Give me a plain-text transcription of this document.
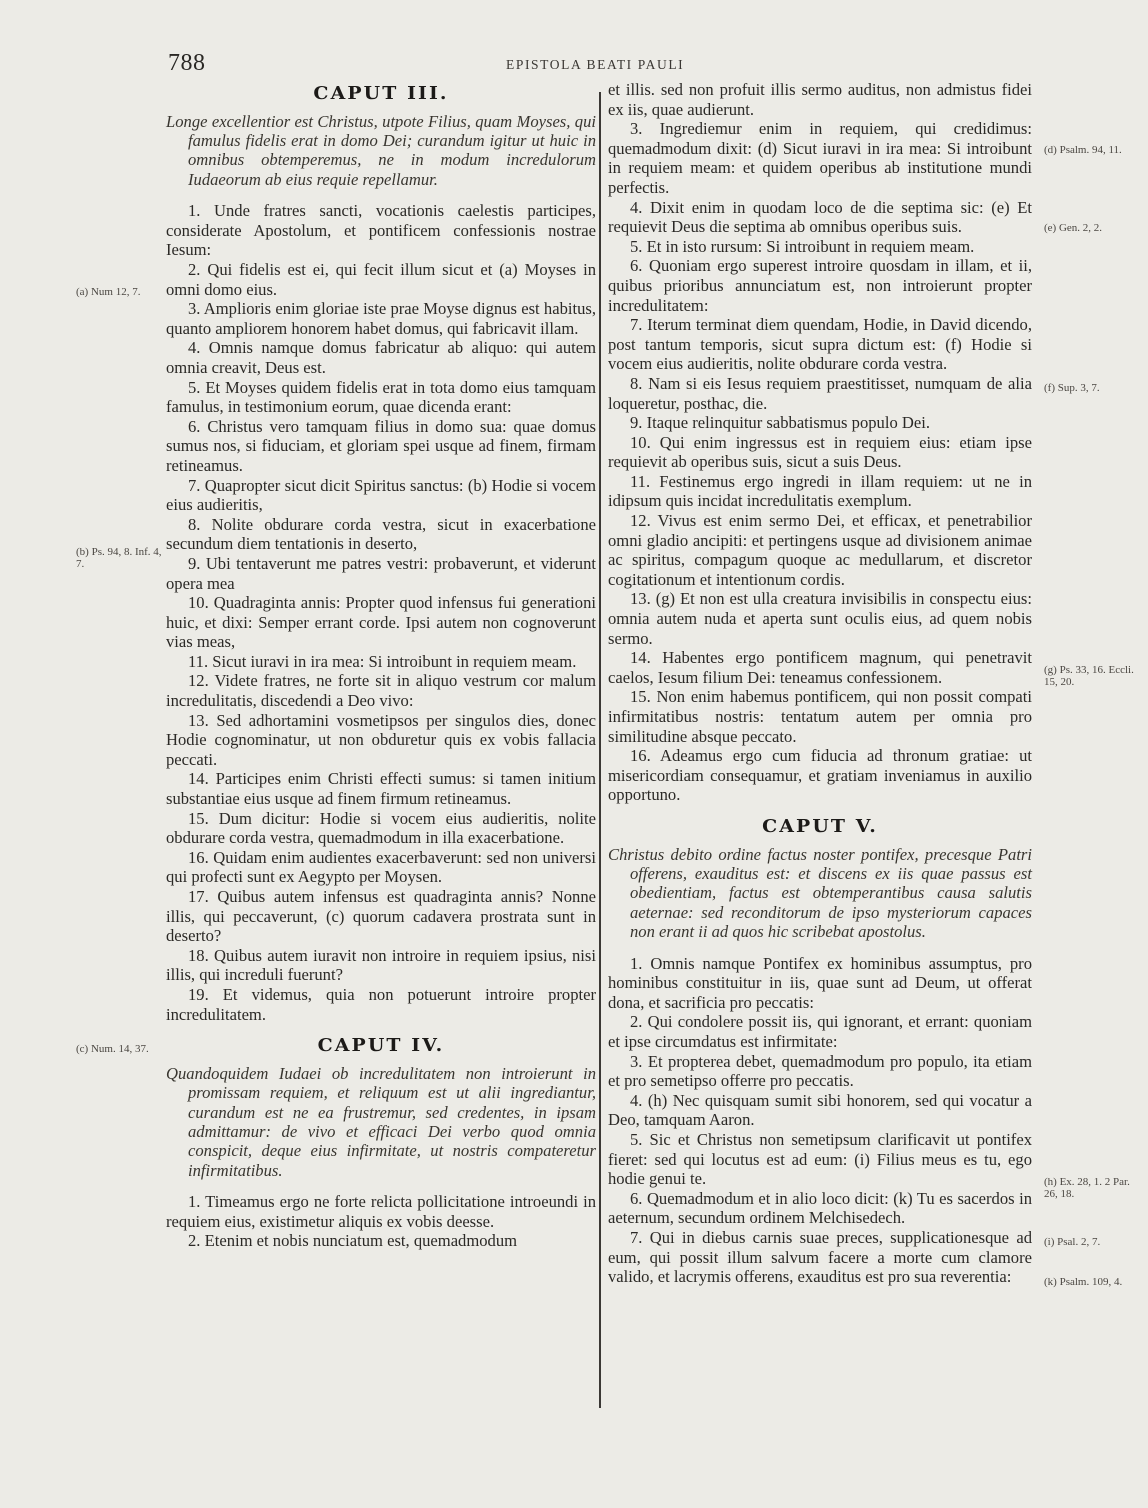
788	EPISTOLA BEATI PAULI
CAPUT III.

Longe excellentior est Christus, utpote Filius, quam Moyses, qui famulus fidelis erat in domo Dei; curandum igitur ut huic in omnibus obtemperemus, ne in modum incredulorum Iudaeorum ab eius requie repellamur.

1. Unde fratres sancti, vocationis caelestis participes, considerate Apostolum, et pontificem confessionis nostrae Iesum:

2. Qui fidelis est ei, qui fecit illum sicut et (a) Moyses in omni domo eius.

3. Amplioris enim gloriae iste prae Moyse dignus est habitus, quanto ampliorem honorem habet domus, qui fabricavit illam.

4. Omnis namque domus fabricatur ab aliquo: qui autem omnia creavit, Deus est.

5. Et Moyses quidem fidelis erat in tota domo eius tamquam famulus, in testimonium eorum, quae dicenda erant:

6. Christus vero tamquam filius in domo sua: quae domus sumus nos, si fiduciam, et gloriam spei usque ad finem, firmam retineamus.

7. Quapropter sicut dicit Spiritus sanctus: (b) Hodie si vocem eius audieritis,

8. Nolite obdurare corda vestra, sicut in exacerbatione secundum diem tentationis in deserto,

9. Ubi tentaverunt me patres vestri: probaverunt, et viderunt opera mea

10. Quadraginta annis: Propter quod infensus fui generationi huic, et dixi: Semper errant corde. Ipsi autem non cognoverunt vias meas,

11. Sicut iuravi in ira mea: Si introibunt in requiem meam.

12. Videte fratres, ne forte sit in aliquo vestrum cor malum incredulitatis, discedendi a Deo vivo:

13. Sed adhortamini vosmetipsos per singulos dies, donec Hodie cognominatur, ut non obduretur quis ex vobis fallacia peccati.

14. Participes enim Christi effecti sumus: si tamen initium substantiae eius usque ad finem firmum retineamus.

15. Dum dicitur: Hodie si vocem eius audieritis, nolite obdurare corda vestra, quemadmodum in illa exacerbatione.

16. Quidam enim audientes exacerbaverunt: sed non universi qui profecti sunt ex Aegypto per Moysen.

17. Quibus autem infensus est quadraginta annis? Nonne illis, qui peccaverunt, (c) quorum cadavera prostrata sunt in deserto?

18. Quibus autem iuravit non introire in requiem ipsius, nisi illis, qui increduli fuerunt?

19. Et videmus, quia non potuerunt introire propter incredulitatem.

CAPUT IV.

Quandoquidem Iudaei ob incredulitatem non introierunt in promissam requiem, et reliquum est ut alii ingrediantur, curandum est ne ea frustremur, sed credentes, in ipsam admittamur: de vivo et efficaci Dei verbo quod omnia conspicit, deque eius infirmitate, ut nostris compateretur infirmitatibus.

1. Timeamus ergo ne forte relicta pollicitatione introeundi in requiem eius, existimetur aliquis ex vobis deesse.

2. Etenim et nobis nunciatum est, quemadmodum

et illis. sed non profuit illis sermo auditus, non admistus fidei ex iis, quae audierunt.

3. Ingrediemur enim in requiem, qui credidimus: quemadmodum dixit: (d) Sicut iuravi in ira mea: Si introibunt in requiem meam: et quidem operibus ab institutione mundi perfectis.

4. Dixit enim in quodam loco de die septima sic: (e) Et requievit Deus die septima ab omnibus operibus suis.

5. Et in isto rursum: Si introibunt in requiem meam.

6. Quoniam ergo superest introire quosdam in illam, et ii, quibus prioribus annunciatum est, non introierunt propter incredulitatem:

7. Iterum terminat diem quendam, Hodie, in David dicendo, post tantum temporis, sicut supra dictum est: (f) Hodie si vocem eius audieritis, nolite obdurare corda vestra.

8. Nam si eis Iesus requiem praestitisset, numquam de alia loqueretur, posthac, die.

9. Itaque relinquitur sabbatismus populo Dei.

10. Qui enim ingressus est in requiem eius: etiam ipse requievit ab operibus suis, sicut a suis Deus.

11. Festinemus ergo ingredi in illam requiem: ut ne in idipsum quis incidat incredulitatis exemplum.

12. Vivus est enim sermo Dei, et efficax, et penetrabilior omni gladio ancipiti: et pertingens usque ad divisionem animae ac spiritus, compagum quoque ac medullarum, et discretor cogitationum et intentionum cordis.

13. (g) Et non est ulla creatura invisibilis in conspectu eius: omnia autem nuda et aperta sunt oculis eius, ad quem nobis sermo.

14. Habentes ergo pontificem magnum, qui penetravit caelos, Iesum filium Dei: teneamus confessionem.

15. Non enim habemus pontificem, qui non possit compati infirmitatibus nostris: tentatum autem per omnia pro similitudine absque peccato.

16. Adeamus ergo cum fiducia ad thronum gratiae: ut misericordiam consequamur, et gratiam inveniamus in auxilio opportuno.

CAPUT V.

Christus debito ordine factus noster pontifex, precesque Patri offerens, exauditus est: et discens ex iis quae passus est obedientiam, factus est obtemperantibus causa salutis aeternae: sed reconditorum de ipso mysteriorum capaces non erant ii ad quos hic scribebat apostolus.

1. Omnis namque Pontifex ex hominibus assumptus, pro hominibus constituitur in iis, quae sunt ad Deum, ut offerat dona, et sacrificia pro peccatis:

2. Qui condolere possit iis, qui ignorant, et errant: quoniam et ipse circumdatus est infirmitate:

3. Et propterea debet, quemadmodum pro populo, ita etiam et pro semetipso offerre pro peccatis.

4. (h) Nec quisquam sumit sibi honorem, sed qui vocatur a Deo, tamquam Aaron.

5. Sic et Christus non semetipsum clarificavit ut pontifex fieret: sed qui locutus est ad eum: (i) Filius meus es tu, ego hodie genui te.

6. Quemadmodum et in alio loco dicit: (k) Tu es sacerdos in aeternum, secundum ordinem Melchisedech.

7. Qui in diebus carnis suae preces, supplicationesque ad eum, qui possit illum salvum facere a morte cum clamore valido, et lacrymis offerens, exauditus est pro sua reverentia:

(a) Num 12, 7.
(b) Ps. 94, 8. Inf. 4, 7.
(c) Num. 14, 37.
(d) Psalm. 94, 11.
(e) Gen. 2, 2.
(f) Sup. 3, 7.
(g) Ps. 33, 16. Eccli. 15, 20.
(h) Ex. 28, 1. 2 Par. 26, 18.
(i) Psal. 2, 7.
(k) Psalm. 109, 4.
